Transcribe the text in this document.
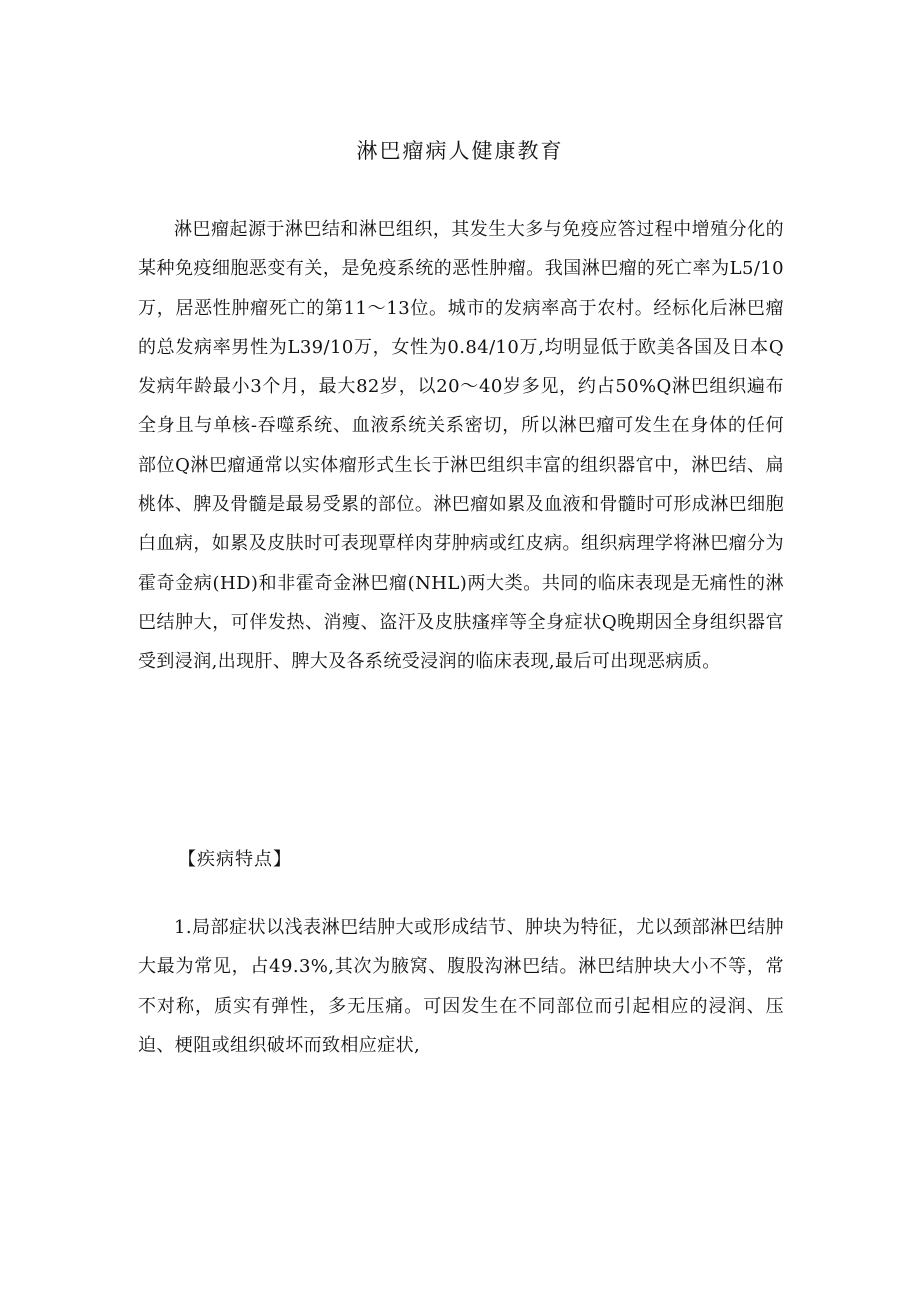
淋巴瘤病人健康教育

淋巴瘤起源于淋巴结和淋巴组织，其发生大多与免疫应答过程中增殖分化的某种免疫细胞恶变有关，是免疫系统的恶性肿瘤。我国淋巴瘤的死亡率为L5/10万，居恶性肿瘤死亡的第11～13位。城市的发病率高于农村。经标化后淋巴瘤的总发病率男性为L39/10万，女性为0.84/10万,均明显低于欧美各国及日本Q发病年龄最小3个月，最大82岁，以20～40岁多见，约占50%Q淋巴组织遍布全身且与单核-吞噬系统、血液系统关系密切，所以淋巴瘤可发生在身体的任何部位Q淋巴瘤通常以实体瘤形式生长于淋巴组织丰富的组织器官中，淋巴结、扁桃体、脾及骨髓是最易受累的部位。淋巴瘤如累及血液和骨髓时可形成淋巴细胞白血病，如累及皮肤时可表现覃样肉芽肿病或红皮病。组织病理学将淋巴瘤分为霍奇金病(HD)和非霍奇金淋巴瘤(NHL)两大类。共同的临床表现是无痛性的淋巴结肿大，可伴发热、消瘦、盗汗及皮肤瘙痒等全身症状Q晚期因全身组织器官受到浸润,出现肝、脾大及各系统受浸润的临床表现,最后可出现恶病质。

【疾病特点】

1.局部症状以浅表淋巴结肿大或形成结节、肿块为特征，尤以颈部淋巴结肿大最为常见，占49.3%,其次为腋窝、腹股沟淋巴结。淋巴结肿块大小不等，常不对称，质实有弹性，多无压痛。可因发生在不同部位而引起相应的浸润、压迫、梗阻或组织破坏而致相应症状,
